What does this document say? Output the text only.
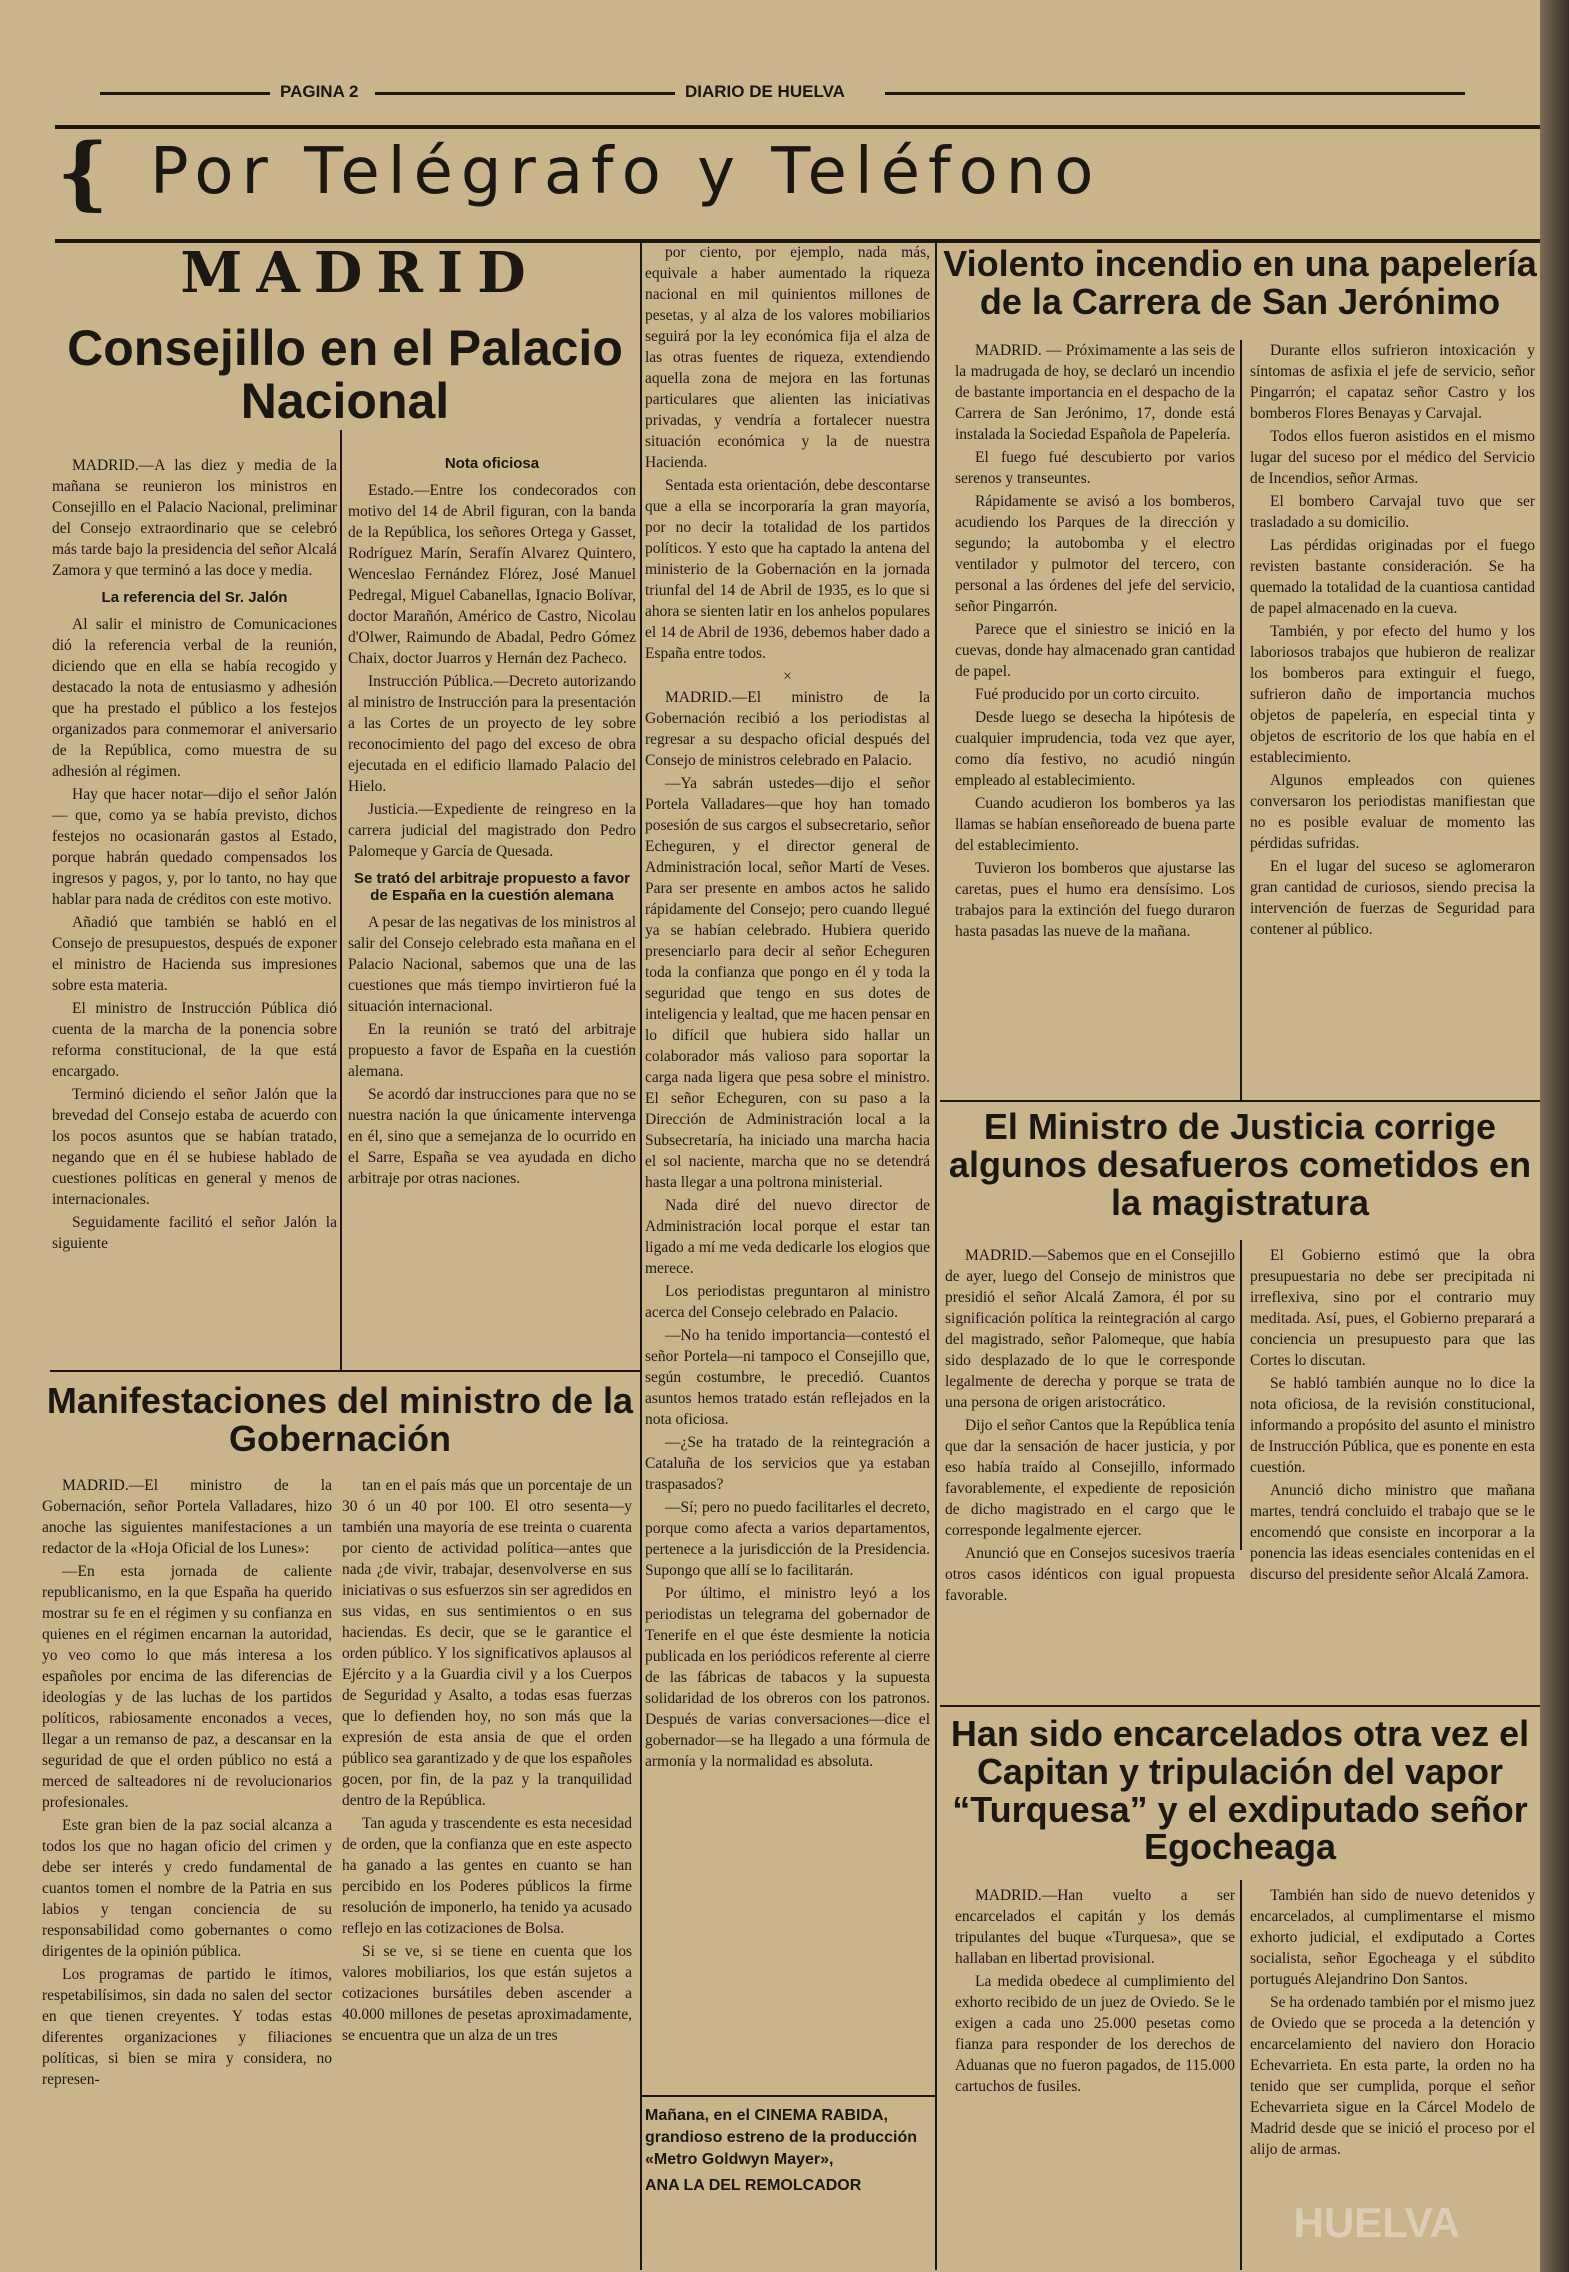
PAGINA 2	DIARIO DE HUELVA
{ Por Telégrafo y Teléfono
MADRID
Consejillo en el Palacio Nacional

MADRID.—A las diez y media de la mañana se reunieron los ministros en Consejillo en el Palacio Nacional, preliminar del Consejo extraordinario que se celebró más tarde bajo la presidencia del señor Alcalá Zamora y que terminó a las doce y media.

La referencia del Sr. Jalón

Al salir el ministro de Comunicaciones dió la referencia verbal de la reunión, diciendo que en ella se había recogido y destacado la nota de entusiasmo y adhesión que ha prestado el público a los festejos organizados para conmemorar el aniversario de la República, como muestra de su adhesión al régimen.

Hay que hacer notar—dijo el señor Jalón— que, como ya se había previsto, dichos festejos no ocasionarán gastos al Estado, porque habrán quedado compensados los ingresos y pagos, y, por lo tanto, no hay que hablar para nada de créditos con este motivo.

Añadió que también se habló en el Consejo de presupuestos, después de exponer el ministro de Hacienda sus impresiones sobre esta materia.

El ministro de Instrucción Pública dió cuenta de la marcha de la ponencia sobre reforma constitucional, de la que está encargado.

Terminó diciendo el señor Jalón que la brevedad del Consejo estaba de acuerdo con los pocos asuntos que se habían tratado, negando que en él se hubiese hablado de cuestiones políticas en general y menos de internacionales.

Seguidamente facilitó el señor Jalón la siguiente

Nota oficiosa

Estado.—Entre los condecorados con motivo del 14 de Abril figuran, con la banda de la República, los señores Ortega y Gasset, Rodríguez Marín, Serafín Alvarez Quintero, Wenceslao Fernández Flórez, José Manuel Pedregal, Miguel Cabanellas, Ignacio Bolívar, doctor Marañón, Américo de Castro, Nicolau d'Olwer, Raimundo de Abadal, Pedro Gómez Chaix, doctor Juarros y Hernán dez Pacheco.

Instrucción Pública.—Decreto autorizando al ministro de Instrucción para la presentación a las Cortes de un proyecto de ley sobre reconocimiento del pago del exceso de obra ejecutada en el edificio llamado Palacio del Hielo.

Justicia.—Expediente de reingreso en la carrera judicial del magistrado don Pedro Palomeque y García de Quesada.

Se trató del arbitraje propuesto a favor de España en la cuestión alemana

A pesar de las negativas de los ministros al salir del Consejo celebrado esta mañana en el Palacio Nacional, sabemos que una de las cuestiones que más tiempo invirtieron fué la situación internacional.

En la reunión se trató del arbitraje propuesto a favor de España en la cuestión alemana.

Se acordó dar instrucciones para que no se nuestra nación la que únicamente intervenga en él, sino que a semejanza de lo ocurrido en el Sarre, España se vea ayudada en dicho arbitraje por otras naciones.

Manifestaciones del ministro de la Gobernación

MADRID.—El ministro de la Gobernación, señor Portela Valladares, hizo anoche las siguientes manifestaciones a un redactor de la «Hoja Oficial de los Lunes»:

—En esta jornada de caliente republicanismo, en la que España ha querido mostrar su fe en el régimen y su confianza en quienes en el régimen encarnan la autoridad, yo veo como lo que más interesa a los españoles por encima de las diferencias de ideologías y de las luchas de los partidos políticos, rabiosamente enconados a veces, llegar a un remanso de paz, a descansar en la seguridad de que el orden público no está a merced de salteadores ni de revolucionarios profesionales.

Este gran bien de la paz social alcanza a todos los que no hagan oficio del crimen y debe ser interés y credo fundamental de cuantos tomen el nombre de la Patria en sus labios y tengan conciencia de su responsabilidad como gobernantes o como dirigentes de la opinión pública.

Los programas de partido le ítimos, respetabilísimos, sin dada no salen del sector en que tienen creyentes. Y todas estas diferentes organizaciones y filiaciones políticas, si bien se mira y considera, no represen-

tan en el país más que un porcentaje de un 30 ó un 40 por 100. El otro sesenta—y también una mayoría de ese treinta o cuarenta por ciento de actividad política—antes que nada ¿de vivir, trabajar, desenvolverse en sus iniciativas o sus esfuerzos sin ser agredidos en sus vidas, en sus sentimientos o en sus haciendas. Es decir, que se le garantice el orden público. Y los significativos aplausos al Ejército y a la Guardia civil y a los Cuerpos de Seguridad y Asalto, a todas esas fuerzas que lo defienden hoy, no son más que la expresión de esta ansia de que el orden público sea garantizado y de que los españoles gocen, por fin, de la paz y la tranquilidad dentro de la República.

Tan aguda y trascendente es esta necesidad de orden, que la confianza que en este aspecto ha ganado a las gentes en cuanto se han percibido en los Poderes públicos la firme resolución de imponerlo, ha tenido ya acusado reflejo en las cotizaciones de Bolsa.

Si se ve, si se tiene en cuenta que los valores mobiliarios, los que están sujetos a cotizaciones bursátiles deben ascender a 40.000 millones de pesetas aproximadamente, se encuentra que un alza de un tres

por ciento, por ejemplo, nada más, equivale a haber aumentado la riqueza nacional en mil quinientos millones de pesetas, y al alza de los valores mobiliarios seguirá por la ley económica fija el alza de las otras fuentes de riqueza, extendiendo aquella zona de mejora en las fortunas particulares que alienten las iniciativas privadas, y vendría a fortalecer nuestra situación económica y la de nuestra Hacienda.

Sentada esta orientación, debe descontarse que a ella se incorporaría la gran mayoría, por no decir la totalidad de los partidos políticos. Y esto que ha captado la antena del ministerio de la Gobernación en la jornada triunfal del 14 de Abril de 1935, es lo que si ahora se sienten latir en los anhelos populares el 14 de Abril de 1936, debemos haber dado a España entre todos.

×

MADRID.—El ministro de la Gobernación recibió a los periodistas al regresar a su despacho oficial después del Consejo de ministros celebrado en Palacio.

—Ya sabrán ustedes—dijo el señor Portela Valladares—que hoy han tomado posesión de sus cargos el subsecretario, señor Echeguren, y el director general de Administración local, señor Martí de Veses. Para ser presente en ambos actos he salido rápidamente del Consejo; pero cuando llegué ya se habían celebrado. Hubiera querido presenciarlo para decir al señor Echeguren toda la confianza que pongo en él y toda la seguridad que tengo en sus dotes de inteligencia y lealtad, que me hacen pensar en lo difícil que hubiera sido hallar un colaborador más valioso para soportar la carga nada ligera que pesa sobre el ministro. El señor Echeguren, con su paso a la Dirección de Administración local a la Subsecretaría, ha iniciado una marcha hacia el sol naciente, marcha que no se detendrá hasta llegar a una poltrona ministerial.

Nada diré del nuevo director de Administración local porque el estar tan ligado a mí me veda dedicarle los elogios que merece.

Los periodistas preguntaron al ministro acerca del Consejo celebrado en Palacio.

—No ha tenido importancia—contestó el señor Portela—ni tampoco el Consejillo que, según costumbre, le precedió. Cuantos asuntos hemos tratado están reflejados en la nota oficiosa.

—¿Se ha tratado de la reintegración a Cataluña de los servicios que ya estaban traspasados?

—Sí; pero no puedo facilitarles el decreto, porque como afecta a varios departamentos, pertenece a la jurisdicción de la Presidencia. Supongo que allí se lo facilitarán.

Por último, el ministro leyó a los periodistas un telegrama del gobernador de Tenerife en el que éste desmiente la noticia publicada en los periódicos referente al cierre de las fábricas de tabacos y la supuesta solidaridad de los obreros con los patronos. Después de varias conversaciones—dice el gobernador—se ha llegado a una fórmula de armonía y la normalidad es absoluta.

Mañana, en el CINEMA RABIDA, grandioso estreno de la producción «Metro Goldwyn Mayer»,
ANA LA DEL REMOLCADOR
Violento incendio en una papelería de la Carrera de San Jerónimo

MADRID. — Próximamente a las seis de la madrugada de hoy, se declaró un incendio de bastante importancia en el despacho de la Carrera de San Jerónimo, 17, donde está instalada la Sociedad Española de Papelería.

El fuego fué descubierto por varios serenos y transeuntes.

Rápidamente se avisó a los bomberos, acudiendo los Parques de la dirección y segundo; la autobomba y el electro ventilador y pulmotor del tercero, con personal a las órdenes del jefe del servicio, señor Pingarrón.

Parece que el siniestro se inició en la cuevas, donde hay almacenado gran cantidad de papel.

Fué producido por un corto circuito.

Desde luego se desecha la hipótesis de cualquier imprudencia, toda vez que ayer, como día festivo, no acudió ningún empleado al establecimiento.

Cuando acudieron los bomberos ya las llamas se habían enseñoreado de buena parte del establecimiento.

Tuvieron los bomberos que ajustarse las caretas, pues el humo era densísimo. Los trabajos para la extinción del fuego duraron hasta pasadas las nueve de la mañana.

Durante ellos sufrieron intoxicación y síntomas de asfixia el jefe de servicio, señor Pingarrón; el capataz señor Castro y los bomberos Flores Benayas y Carvajal.

Todos ellos fueron asistidos en el mismo lugar del suceso por el médico del Servicio de Incendios, señor Armas.

El bombero Carvajal tuvo que ser trasladado a su domicilio.

Las pérdidas originadas por el fuego revisten bastante consideración. Se ha quemado la totalidad de la cuantiosa cantidad de papel almacenado en la cueva.

También, y por efecto del humo y los laboriosos trabajos que hubieron de realizar los bomberos para extinguir el fuego, sufrieron daño de importancia muchos objetos de papelería, en especial tinta y objetos de escritorio de los que había en el establecimiento.

Algunos empleados con quienes conversaron los periodistas manifiestan que no es posible evaluar de momento las pérdidas sufridas.

En el lugar del suceso se aglomeraron gran cantidad de curiosos, siendo precisa la intervención de fuerzas de Seguridad para contener al público.

El Ministro de Justicia corrige algunos desafueros cometidos en la magistratura

MADRID.—Sabemos que en el Consejillo de ayer, luego del Consejo de ministros que presidió el señor Alcalá Zamora, él por su significación política la reintegración al cargo del magistrado, señor Palomeque, que había sido desplazado de lo que le corresponde legalmente de derecha y porque se trata de una persona de origen aristocrático.

Dijo el señor Cantos que la República tenía que dar la sensación de hacer justicia, y por eso había traído al Consejillo, informado favorablemente, el expediente de reposición de dicho magistrado en el cargo que le corresponde legalmente ejercer.

Anunció que en Consejos sucesivos traería otros casos idénticos con igual propuesta favorable.

El Gobierno estimó que la obra presupuestaria no debe ser precipitada ni irreflexiva, sino por el contrario muy meditada. Así, pues, el Gobierno preparará a conciencia un presupuesto para que las Cortes lo discutan.

Se habló también aunque no lo dice la nota oficiosa, de la revisión constitucional, informando a propósito del asunto el ministro de Instrucción Pública, que es ponente en esta cuestión.

Anunció dicho ministro que mañana martes, tendrá concluido el trabajo que se le encomendó que consiste en incorporar a la ponencia las ideas esenciales contenidas en el discurso del presidente señor Alcalá Zamora.

Han sido encarcelados otra vez el Capitan y tripulación del vapor “Turquesa” y el exdiputado señor Egocheaga

MADRID.—Han vuelto a ser encarcelados el capitán y los demás tripulantes del buque «Turquesa», que se hallaban en libertad provisional.

La medida obedece al cumplimiento del exhorto recibido de un juez de Oviedo. Se le exigen a cada uno 25.000 pesetas como fianza para responder de los derechos de Aduanas que no fueron pagados, de 115.000 cartuchos de fusiles.

También han sido de nuevo detenidos y encarcelados, al cumplimentarse el mismo exhorto judicial, el exdiputado a Cortes socialista, señor Egocheaga y el súbdito portugués Alejandrino Don Santos.

Se ha ordenado también por el mismo juez de Oviedo que se proceda a la detención y encarcelamiento del naviero don Horacio Echevarrieta. En esta parte, la orden no ha tenido que ser cumplida, porque el señor Echevarrieta sigue en la Cárcel Modelo de Madrid desde que se inició el proceso por el alijo de armas.

HUELVA
